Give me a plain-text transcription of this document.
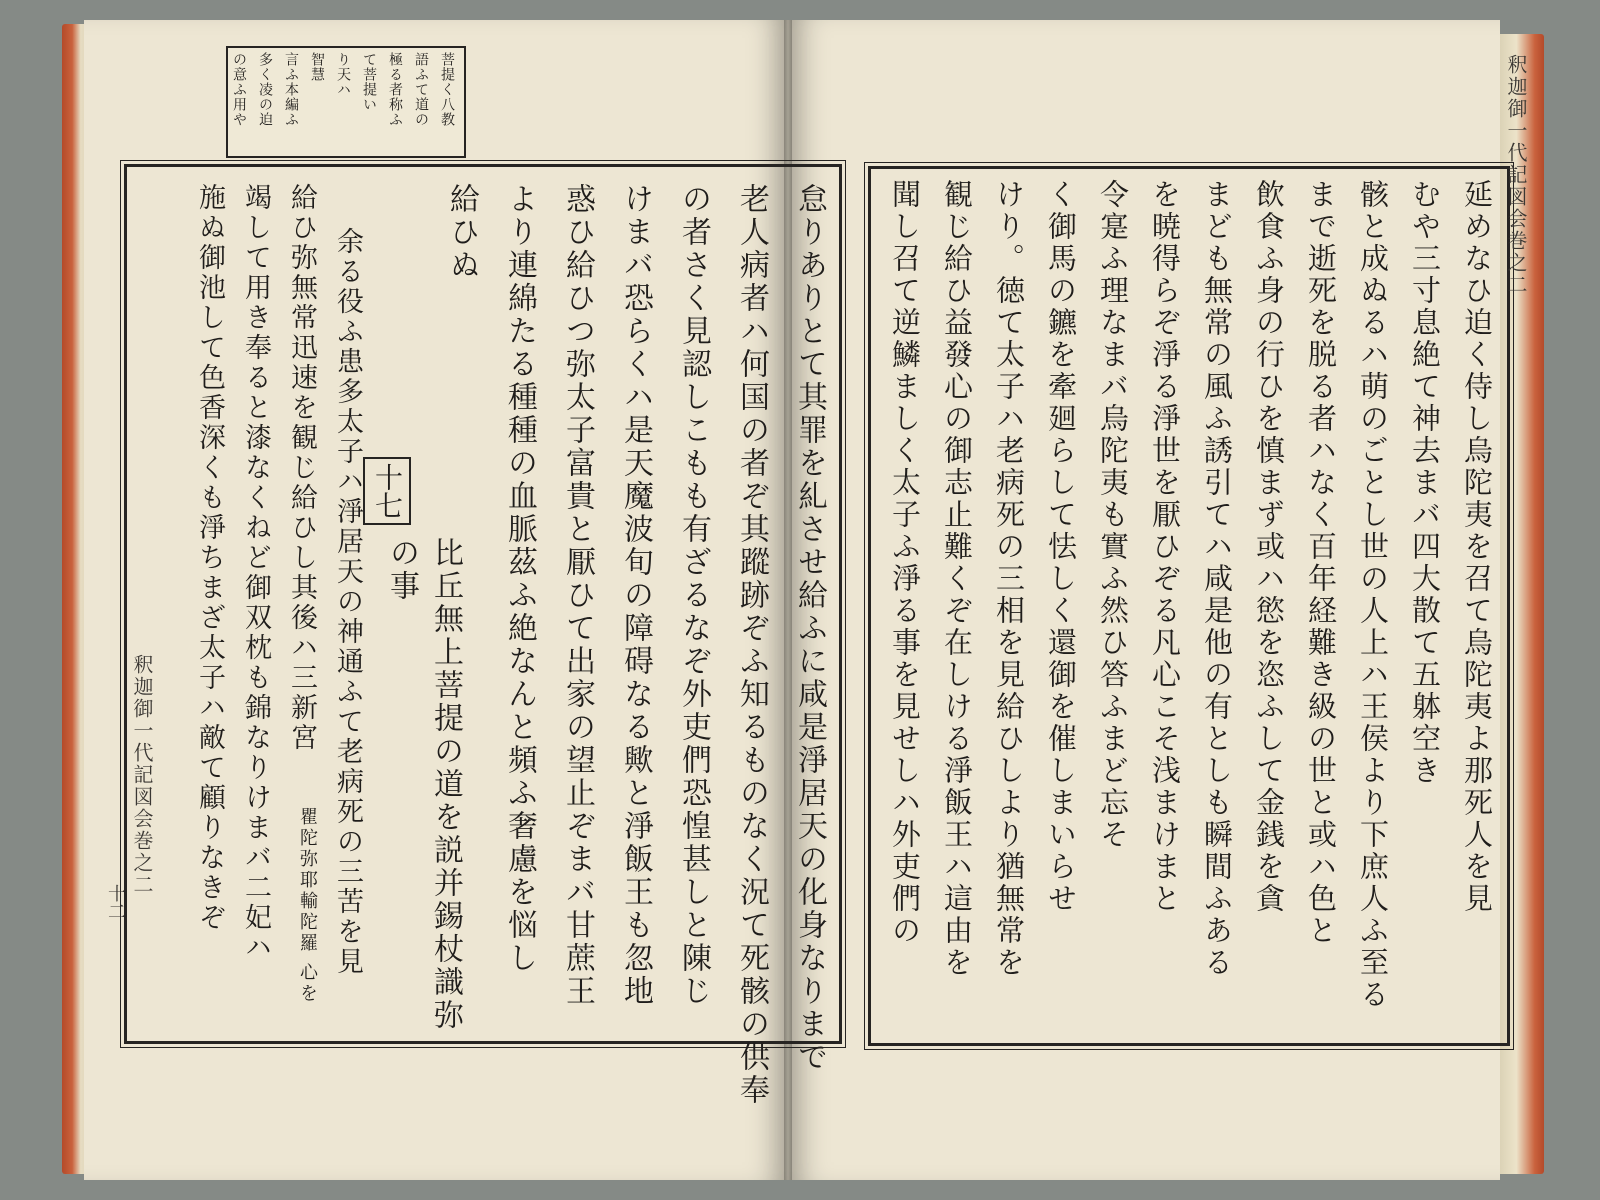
菩提く八教
語ふて道の
極る者称ふ
て菩提い
り天ハ
智慧
言ふ本編ふ
多く凌の迫
の意ふ用や
釈迦御一代記図会巻之二
十二
十七
比丘無上菩提の道を説并錫杖識弥の事
瞿陀弥耶輸陀羅 心を	怠りありとて其罪を糺させ給ふに咸是淨居天の化身なりまで
老人病者ハ何国の者ぞ其蹤跡ぞふ知るものなく況て死骸の供奉
の者さく見認しこもも有ざるなぞ外吏們恐惶甚しと陳じ
けまバ恐らくハ是天魔波旬の障碍なる歟と淨飯王も忽地
惑ひ給ひつ弥太子富貴と厭ひて出家の望止ぞまバ甘蔗王
より連綿たる種種の血脈茲ふ絶なんと頻ふ奢慮を悩し
給ひぬ
余る役ふ患多太子ハ淨居天の神通ふて老病死の三苦を見
給ひ弥無常迅速を観じ給ひし其後ハ三新宮
竭して用き奉ると漆なくねど御双枕も錦なりけまバ二妃ハ
施ぬ御池して色香深くも淨ちまざ太子ハ敵て顧りなきぞ	延めなひ迫く侍し烏陀夷を召て烏陀夷よ那死人を見
むや三寸息絶て神去まバ四大散て五躰空き
骸と成ぬるハ萌のごとし世の人上ハ王侯より下庶人ふ至る
まで逝死を脱る者ハなく百年経難き級の世と或ハ色と
飲食ふ身の行ひを慎まず或ハ慾を恣ふして金銭を貪
まども無常の風ふ誘引てハ咸是他の有としも瞬間ふある
を暁得らぞ淨る淨世を厭ひぞる凡心こそ浅まけまと
令寔ふ理なまバ烏陀夷も實ふ然ひ答ふまど忘そ
く御馬の鑣を牽廻らして怯しく還御を催しまいらせ
けり。徳て太子ハ老病死の三相を見給ひしより猶無常を
観じ給ひ益發心の御志止難くぞ在しける淨飯王ハ這由を
聞し召て逆鱗ましく太子ふ淨る事を見せしハ外吏們の
釈迦御一代記図会巻之二
